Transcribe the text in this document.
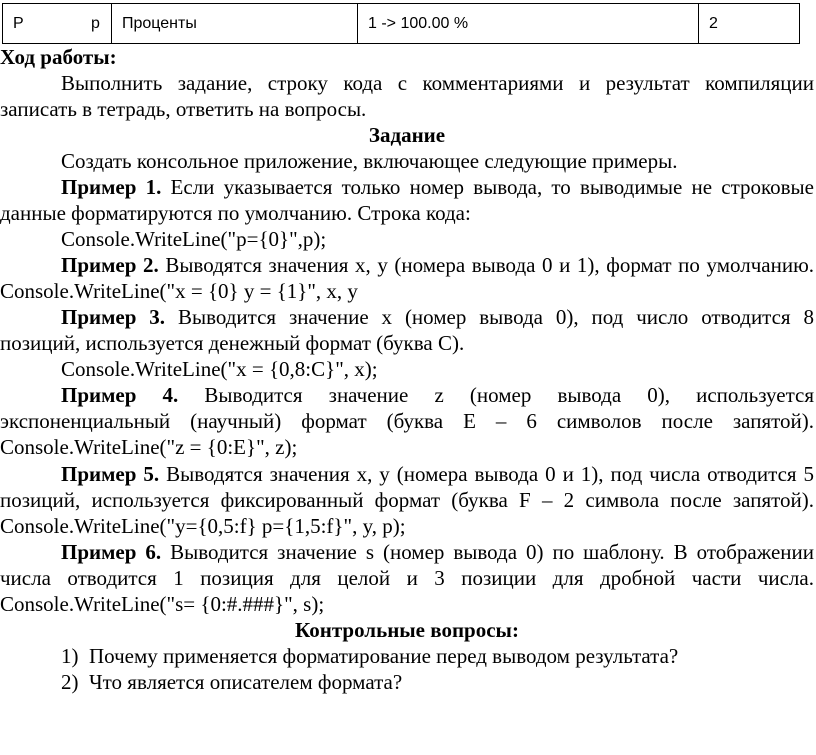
P	p	Проценты	1 -> 100.00 %	2

Ход работы:

Выполнить задание, строку кода с комментариями и результат компиляции записать в тетрадь, ответить на вопросы.

Задание

Создать консольное приложение, включающее следующие примеры.

Пример 1. Если указывается только номер вывода, то выводимые не строковые данные форматируются по умолчанию. Строка кода:

Console.WriteLine("p={0}",p);

Пример 2. Выводятся значения x, y (номера вывода 0 и 1), формат по умолчанию. Console.WriteLine("x = {0} y = {1}", x, y

Пример 3. Выводится значение x (номер вывода 0), под число отводится 8 позиций, используется денежный формат (буква С).

Console.WriteLine("x = {0,8:C}", x);

Пример 4. Выводится значение z (номер вывода 0), используется экспоненциальный (научный) формат (буква Е – 6 символов после запятой). Console.WriteLine("z = {0:E}", z);

Пример 5. Выводятся значения x, y (номера вывода 0 и 1), под числа отводится 5 позиций, используется фиксированный формат (буква F – 2 символа после запятой). Console.WriteLine("y={0,5:f} p={1,5:f}", y, p);

Пример 6. Выводится значение s (номер вывода 0) по шаблону. В отображении числа отводится 1 позиция для целой и 3 позиции для дробной части числа. Console.WriteLine("s= {0:#.###}", s);

Контрольные вопросы:

1) Почему применяется форматирование перед выводом результата?
2) Что является описателем формата?
